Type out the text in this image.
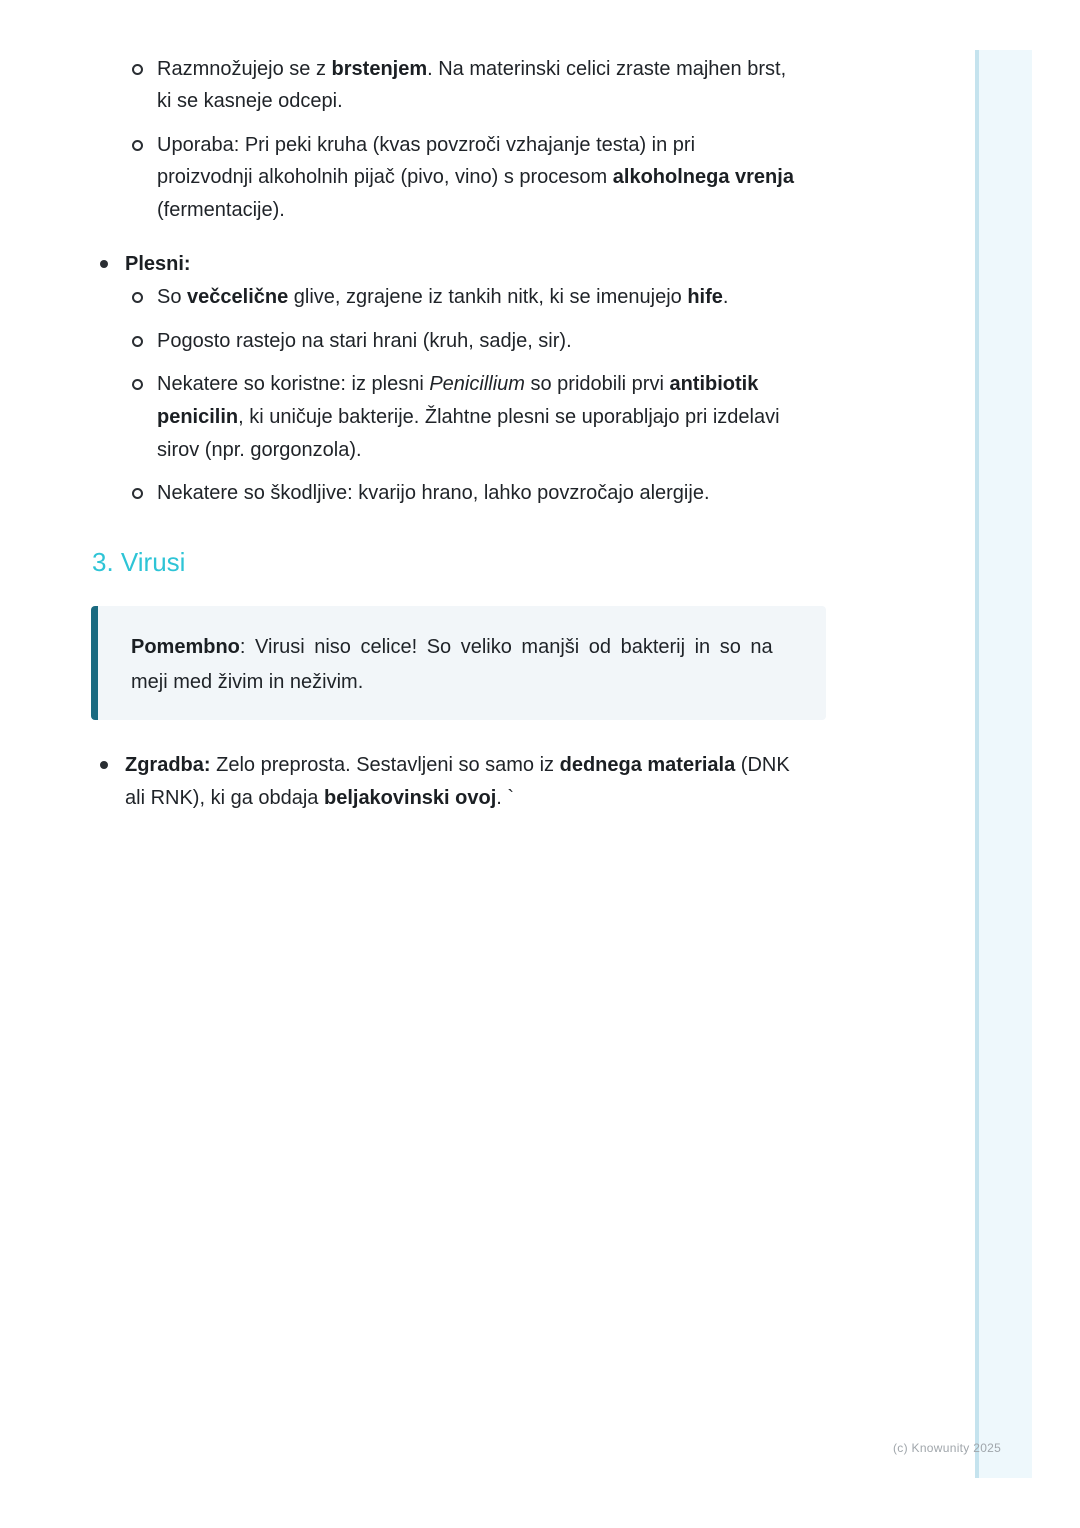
Razmnožujejo se z brstenjem. Na materinski celici zraste majhen brst,
ki se kasneje odcepi.
Uporaba: Pri peki kruha (kvas povzroči vzhajanje testa) in pri
proizvodnji alkoholnih pijač (pivo, vino) s procesom alkoholnega vrenja
(fermentacije).
Plesni:
So večcelične glive, zgrajene iz tankih nitk, ki se imenujejo hife.
Pogosto rastejo na stari hrani (kruh, sadje, sir).
Nekatere so koristne: iz plesni Penicillium so pridobili prvi antibiotik
penicilin, ki uničuje bakterije. Žlahtne plesni se uporabljajo pri izdelavi
sirov (npr. gorgonzola).
Nekatere so škodljive: kvarijo hrano, lahko povzročajo alergije.
3. Virusi
Pomembno: Virusi niso celice! So veliko manjši od bakterij in so na
meji med živim in neživim.
Zgradba: Zelo preprosta. Sestavljeni so samo iz dednega materiala (DNK
ali RNK), ki ga obdaja beljakovinski ovoj. `
(c) Knowunity 2025
